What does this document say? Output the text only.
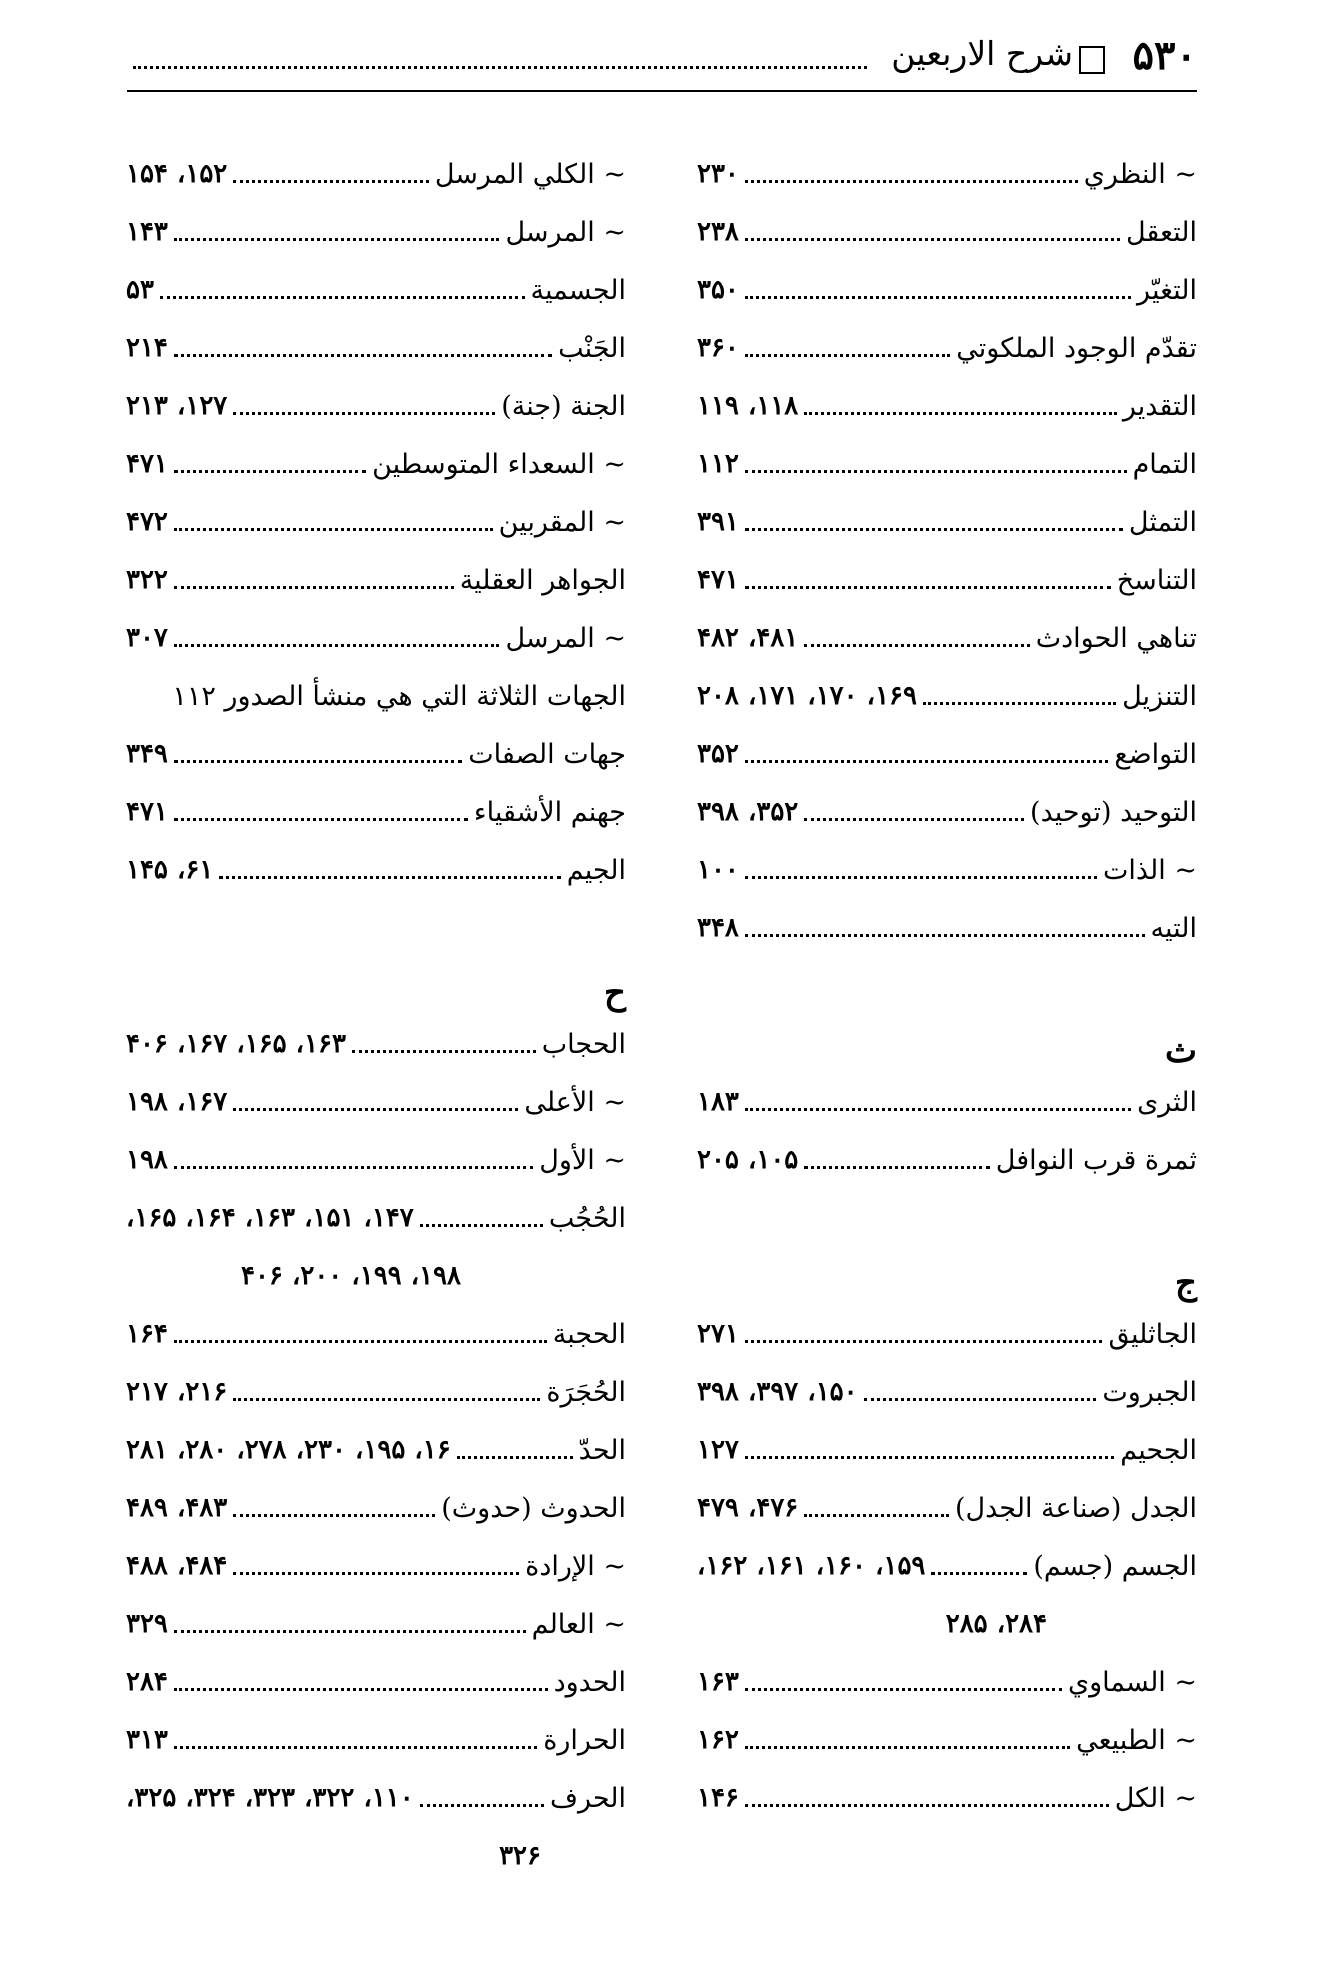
۵۳۰
شرح الاربعين
~ النظري
۲۳۰
التعقل
۲۳۸
التغيّر
۳۵۰
تقدّم الوجود الملكوتي
۳۶۰
التقدير
۱۱۸، ۱۱۹
التمام
۱۱۲
التمثل
۳۹۱
التناسخ
۴۷۱
تناهي الحوادث
۴۸۱، ۴۸۲
التنزيل
۱۶۹، ۱۷۰، ۱۷۱، ۲۰۸
التواضع
۳۵۲
التوحيد (توحيد)
۳۵۲، ۳۹۸
~ الذات
۱۰۰
التيه
۳۴۸
ث
الثرى
۱۸۳
ثمرة قرب النوافل
۱۰۵، ۲۰۵
ج
الجاثليق
۲۷۱
الجبروت
۱۵۰، ۳۹۷، ۳۹۸
الجحيم
۱۲۷
الجدل (صناعة الجدل)
۴۷۶، ۴۷۹
الجسم (جسم)
۱۵۹، ۱۶۰، ۱۶۱، ۱۶۲،
۲۸۴، ۲۸۵
~ السماوي
۱۶۳
~ الطبيعي
۱۶۲
~ الكل
۱۴۶
~ الكلي المرسل
۱۵۲، ۱۵۴
~ المرسل
۱۴۳
الجسمية
۵۳
الجَنْب
۲۱۴
الجنة (جنة)
۱۲۷، ۲۱۳
~ السعداء المتوسطين
۴۷۱
~ المقربين
۴۷۲
الجواهر العقلية
۳۲۲
~ المرسل
۳۰۷
الجهات الثلاثة التي هي منشأ الصدور ۱۱۲
جهات الصفات
۳۴۹
جهنم الأشقياء
۴۷۱
الجيم
۶۱، ۱۴۵
ح
الحجاب
۱۶۳، ۱۶۵، ۱۶۷، ۴۰۶
~ الأعلى
۱۶۷، ۱۹۸
~ الأول
۱۹۸
الحُجُب
۱۴۷، ۱۵۱، ۱۶۳، ۱۶۴، ۱۶۵،
۱۹۸، ۱۹۹، ۲۰۰، ۴۰۶
الحجبة
۱۶۴
الحُجَرَة
۲۱۶، ۲۱۷
الحدّ
۱۶، ۱۹۵، ۲۳۰، ۲۷۸، ۲۸۰، ۲۸۱
الحدوث (حدوث)
۴۸۳، ۴۸۹
~ الإرادة
۴۸۴، ۴۸۸
~ العالم
۳۲۹
الحدود
۲۸۴
الحرارة
۳۱۳
الحرف
۱۱۰، ۳۲۲، ۳۲۳، ۳۲۴، ۳۲۵،
۳۲۶
